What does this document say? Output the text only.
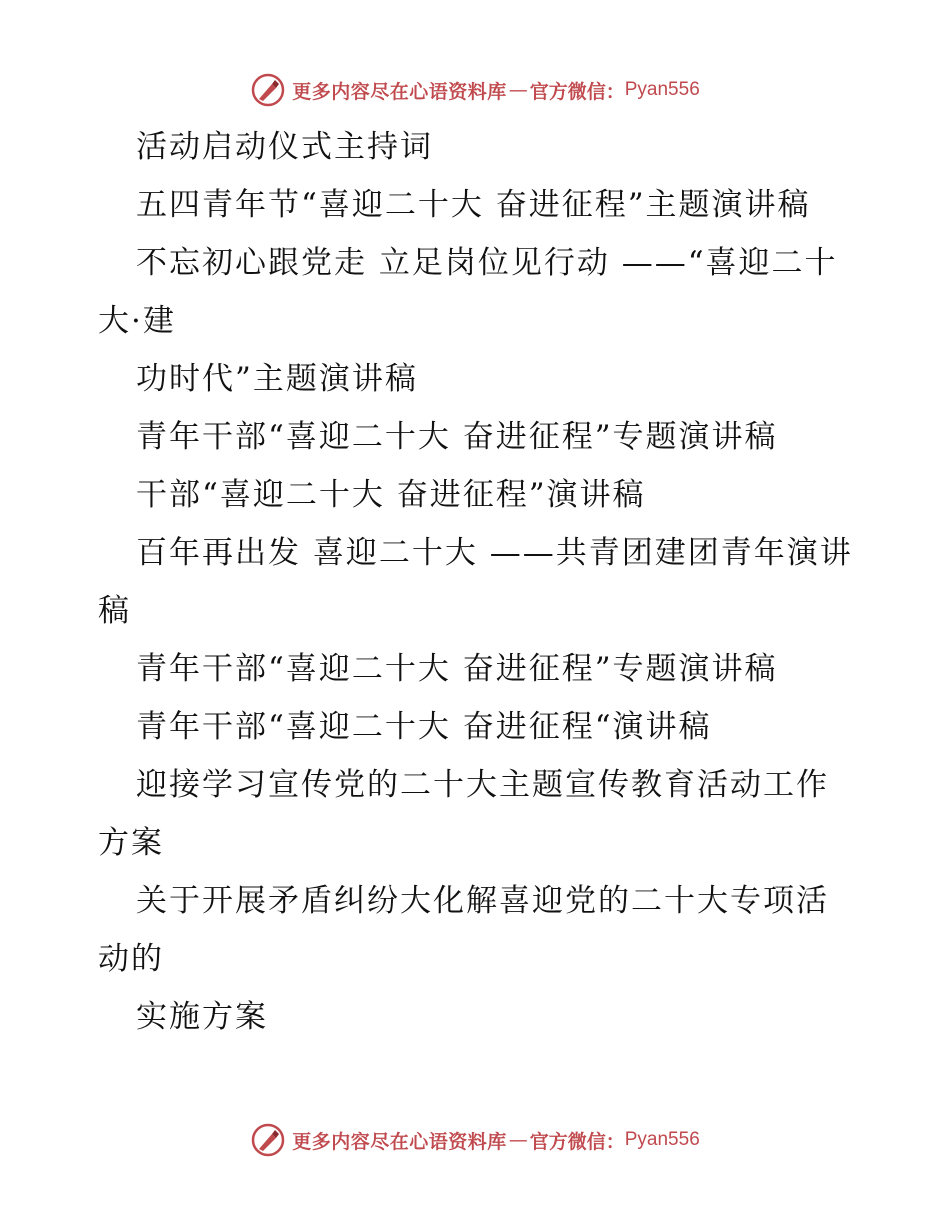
更多内容尽在心语资料库 — 官方微信： Pyan556

活动启动仪式主持词

五四青年节“喜迎二十大 奋进征程”主题演讲稿

不忘初心跟党走 立足岗位见行动 ——“喜迎二十大·建

功时代”主题演讲稿

青年干部“喜迎二十大 奋进征程”专题演讲稿

干部“喜迎二十大 奋进征程”演讲稿

百年再出发 喜迎二十大 ——共青团建团青年演讲稿

青年干部“喜迎二十大 奋进征程”专题演讲稿

青年干部“喜迎二十大 奋进征程“演讲稿

迎接学习宣传党的二十大主题宣传教育活动工作方案

关于开展矛盾纠纷大化解喜迎党的二十大专项活动的

实施方案

更多内容尽在心语资料库 — 官方微信： Pyan556
